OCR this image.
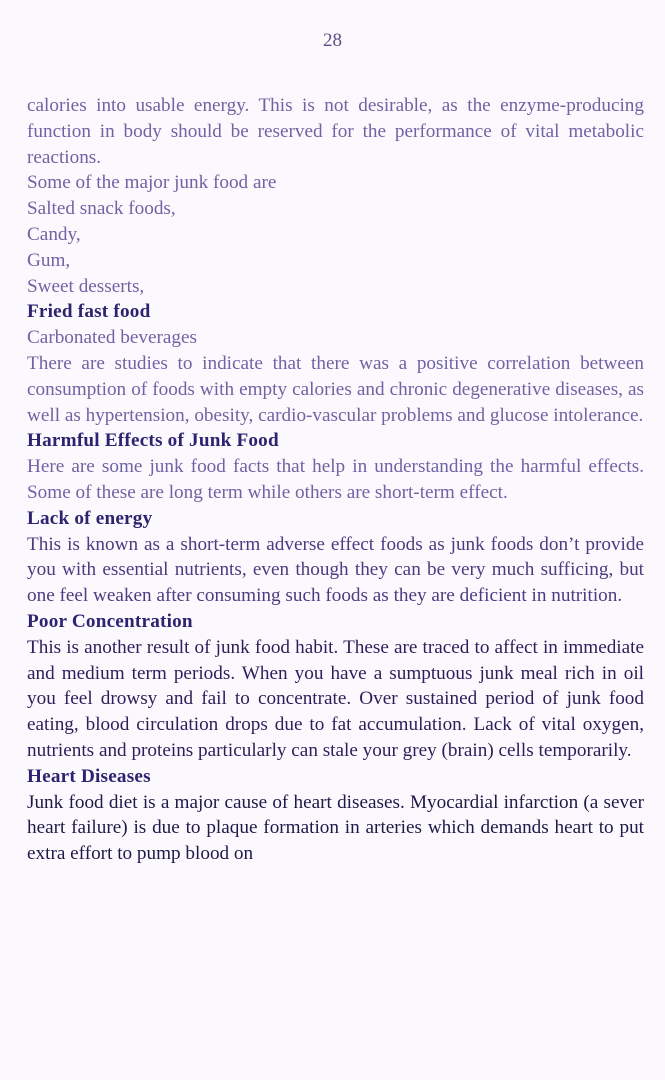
28

calories into usable energy. This is not desirable, as the enzyme-producing function in body should be reserved for the performance of vital metabolic reactions.

Some of the major junk food are

Salted snack foods,

Candy,

Gum,

Sweet desserts,

Fried fast food

Carbonated beverages

There are studies to indicate that there was a positive correlation between consumption of foods with empty calories and chronic degenerative diseases, as well as hypertension, obesity, cardio-vascular problems and glucose intolerance.

Harmful Effects of Junk Food

Here are some junk food facts that help in understanding the harmful effects. Some of these are long term while others are short-term effect.

Lack of energy

This is known as a short-term adverse effect foods as junk foods don’t provide you with essential nutrients, even though they can be very much sufficing, but one feel weaken after consuming such foods as they are deficient in nutrition.

Poor Concentration

This is another result of junk food habit. These are traced to affect in immediate and medium term periods. When you have a sumptuous junk meal rich in oil you feel drowsy and fail to concentrate. Over sustained period of junk food eating, blood circulation drops due to fat accumulation. Lack of vital oxygen, nutrients and proteins particularly can stale your grey (brain) cells temporarily.

Heart Diseases

Junk food diet is a major cause of heart diseases. Myocardial infarction (a sever heart failure) is due to plaque formation in arteries which demands heart to put extra effort to pump blood on
